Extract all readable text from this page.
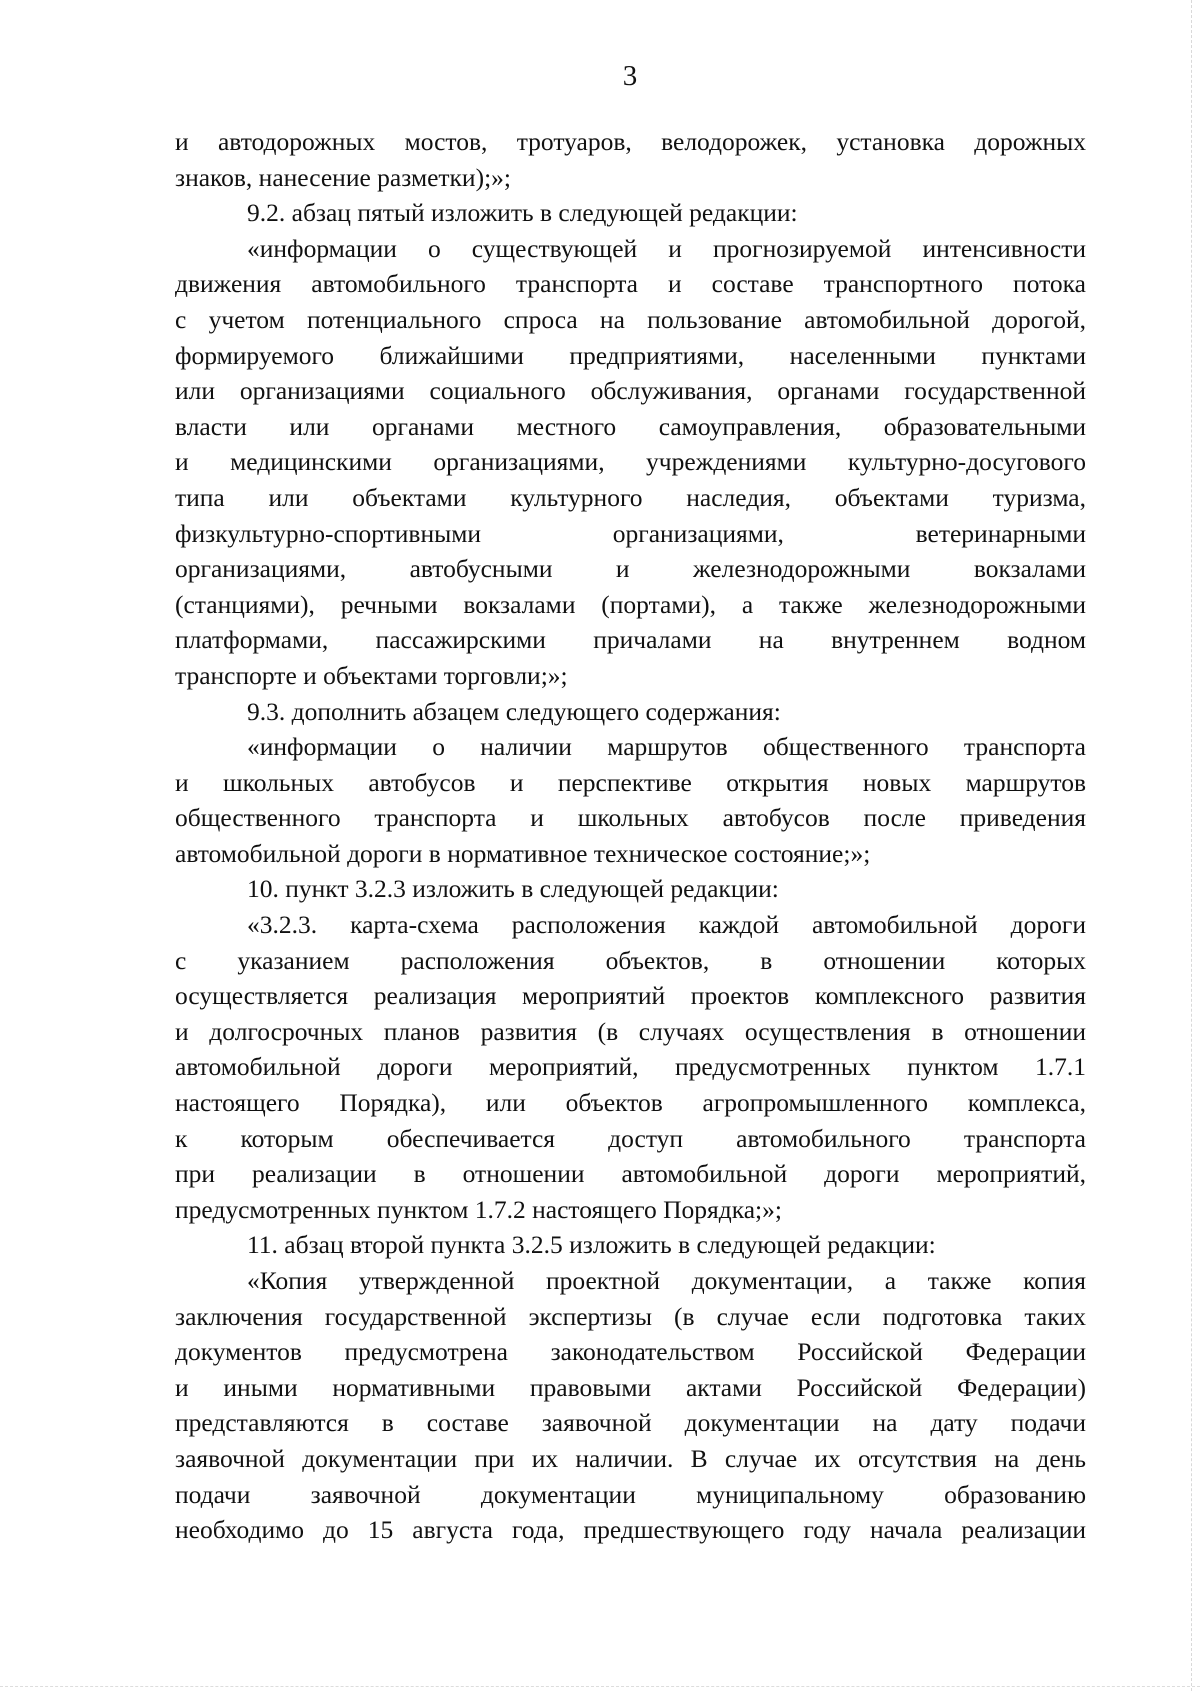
3
и автодорожных мостов, тротуаров, велодорожек, установка дорожных
знаков, нанесение разметки);»;
9.2. абзац пятый изложить в следующей редакции:
«информации о существующей и прогнозируемой интенсивности
движения автомобильного транспорта и составе транспортного потока
с учетом потенциального спроса на пользование автомобильной дорогой,
формируемого ближайшими предприятиями, населенными пунктами
или организациями социального обслуживания, органами государственной
власти или органами местного самоуправления, образовательными
и медицинскими организациями, учреждениями культурно-досугового
типа или объектами культурного наследия, объектами туризма,
физкультурно-спортивными организациями, ветеринарными
организациями, автобусными и железнодорожными вокзалами
(станциями), речными вокзалами (портами), а также железнодорожными
платформами, пассажирскими причалами на внутреннем водном
транспорте и объектами торговли;»;
9.3. дополнить абзацем следующего содержания:
«информации о наличии маршрутов общественного транспорта
и школьных автобусов и перспективе открытия новых маршрутов
общественного транспорта и школьных автобусов после приведения
автомобильной дороги в нормативное техническое состояние;»;
10. пункт 3.2.3 изложить в следующей редакции:
«3.2.3. карта-схема расположения каждой автомобильной дороги
с указанием расположения объектов, в отношении которых
осуществляется реализация мероприятий проектов комплексного развития
и долгосрочных планов развития (в случаях осуществления в отношении
автомобильной дороги мероприятий, предусмотренных пунктом 1.7.1
настоящего Порядка), или объектов агропромышленного комплекса,
к которым обеспечивается доступ автомобильного транспорта
при реализации в отношении автомобильной дороги мероприятий,
предусмотренных пунктом 1.7.2 настоящего Порядка;»;
11. абзац второй пункта 3.2.5 изложить в следующей редакции:
«Копия утвержденной проектной документации, а также копия
заключения государственной экспертизы (в случае если подготовка таких
документов предусмотрена законодательством Российской Федерации
и иными нормативными правовыми актами Российской Федерации)
представляются в составе заявочной документации на дату подачи
заявочной документации при их наличии. В случае их отсутствия на день
подачи заявочной документации муниципальному образованию
необходимо до 15 августа года, предшествующего году начала реализации
